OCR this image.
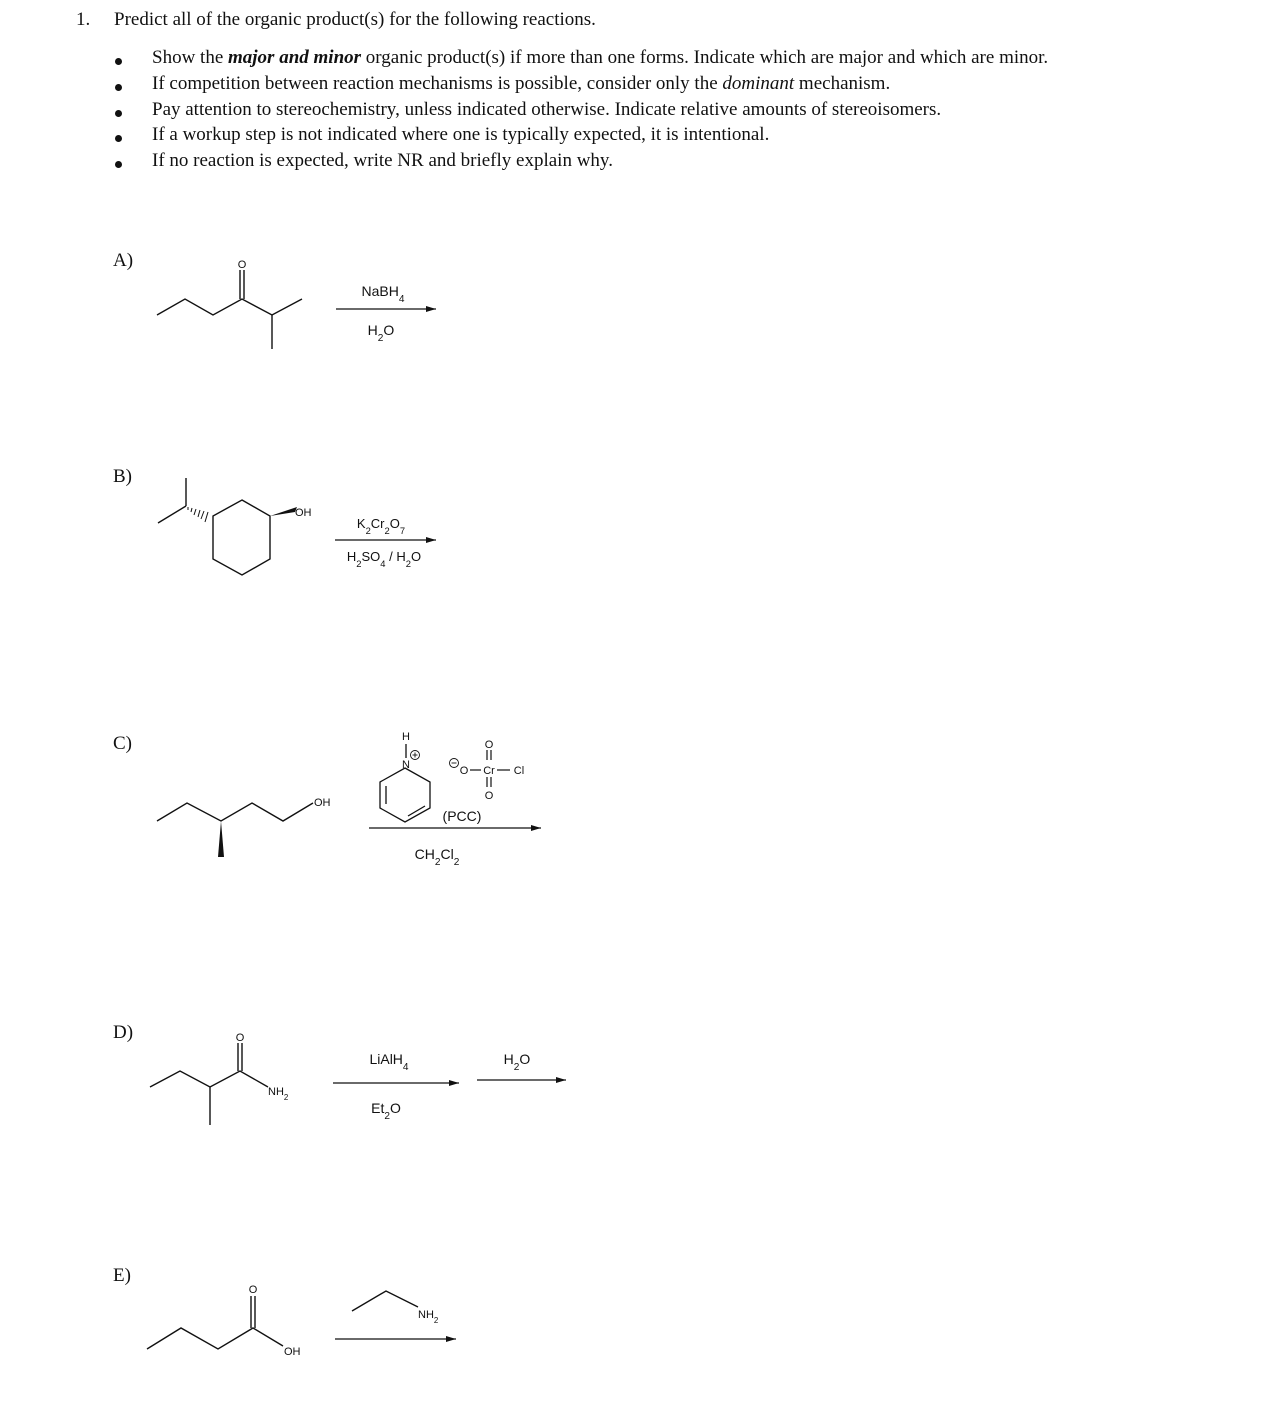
1. Predict all of the organic product(s) for the following reactions.
Show the major and minor organic product(s) if more than one forms. Indicate which are major and which are minor.
If competition between reaction mechanisms is possible, consider only the dominant mechanism.
Pay attention to stereochemistry, unless indicated otherwise. Indicate relative amounts of stereoisomers.
If a workup step is not indicated where one is typically expected, it is intentional.
If no reaction is expected, write NR and briefly explain why.
A)
B)
C)
D)
E)
O
NaBH$_4$
$H_2O$
OH
$K_2Cr_2O_7$
$H_2SO_4 / H_2O$
OH
H
N	O Cr Cl
O
O
(PCC)
$CH_2Cl_2$
O
$NH_2$
LiAlH$_4$
$Et_2O$
$H_2O$
O
OH
$NH_2$
